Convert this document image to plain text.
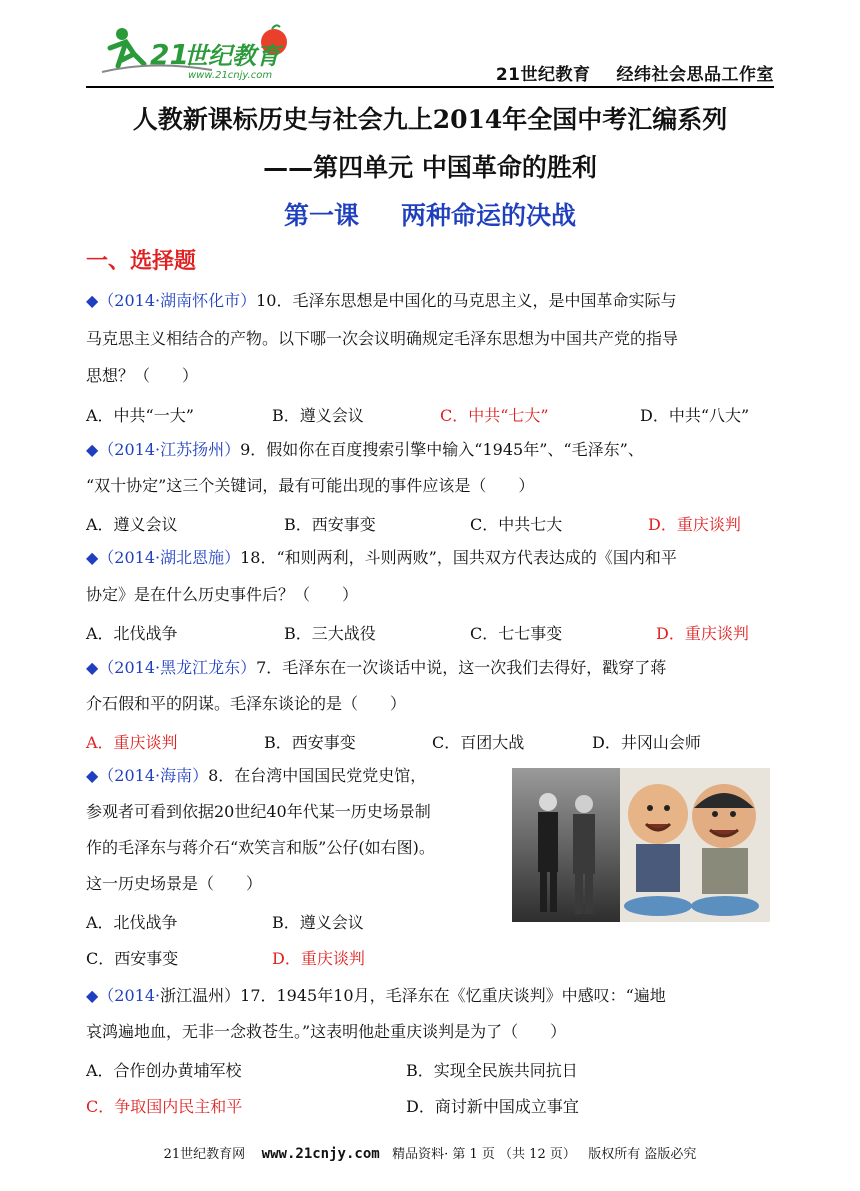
21
世纪教育
www.21cnjy.com	21世纪教育 经纬社会思品工作室
人教新课标历史与社会九上2014年全国中考汇编系列
——第四单元 中国革命的胜利
第一课 两种命运的决战
一、选择题
◆（2014·湖南怀化市）10．毛泽东思想是中国化的马克思主义，是中国革命实际与
马克思主义相结合的产物。以下哪一次会议明确规定毛泽东思想为中国共产党的指导
思想？（　　）
A．中共“一大”	B．遵义会议	C．中共“七大”	D．中共“八大”
◆（2014·江苏扬州）9．假如你在百度搜索引擎中输入“1945年”、“毛泽东”、
“双十协定”这三个关键词，最有可能出现的事件应该是（　　）
A．遵义会议	B．西安事变	C．中共七大	D．重庆谈判
◆（2014·湖北恩施）18．“和则两利，斗则两败”，国共双方代表达成的《国内和平
协定》是在什么历史事件后？（　　）
A．北伐战争	B．三大战役	C．七七事变	D．重庆谈判
◆（2014·黑龙江龙东）7．毛泽东在一次谈话中说，这一次我们去得好，戳穿了蒋
介石假和平的阴谋。毛泽东谈论的是（　　）
A．重庆谈判	B．西安事变	C．百团大战	D．井冈山会师
◆（2014·海南）8．在台湾中国国民党党史馆，
参观者可看到依据20世纪40年代某一历史场景制
作的毛泽东与蒋介石“欢笑言和版”公仔(如右图)。
这一历史场景是（　　）
A．北伐战争	B．遵义会议
C．西安事变	D．重庆谈判
◆（2014·浙江温州）17．1945年10月，毛泽东在《忆重庆谈判》中感叹：“遍地
哀鸿遍地血，无非一念救苍生。”这表明他赴重庆谈判是为了（　　）
A．合作创办黄埔军校	B．实现全民族共同抗日
C．争取国内民主和平	D．商讨新中国成立事宜
21世纪教育网 www.21cnjy.com 精品资料· 第 1 页 （共 12 页） 版权所有 盗版必究
